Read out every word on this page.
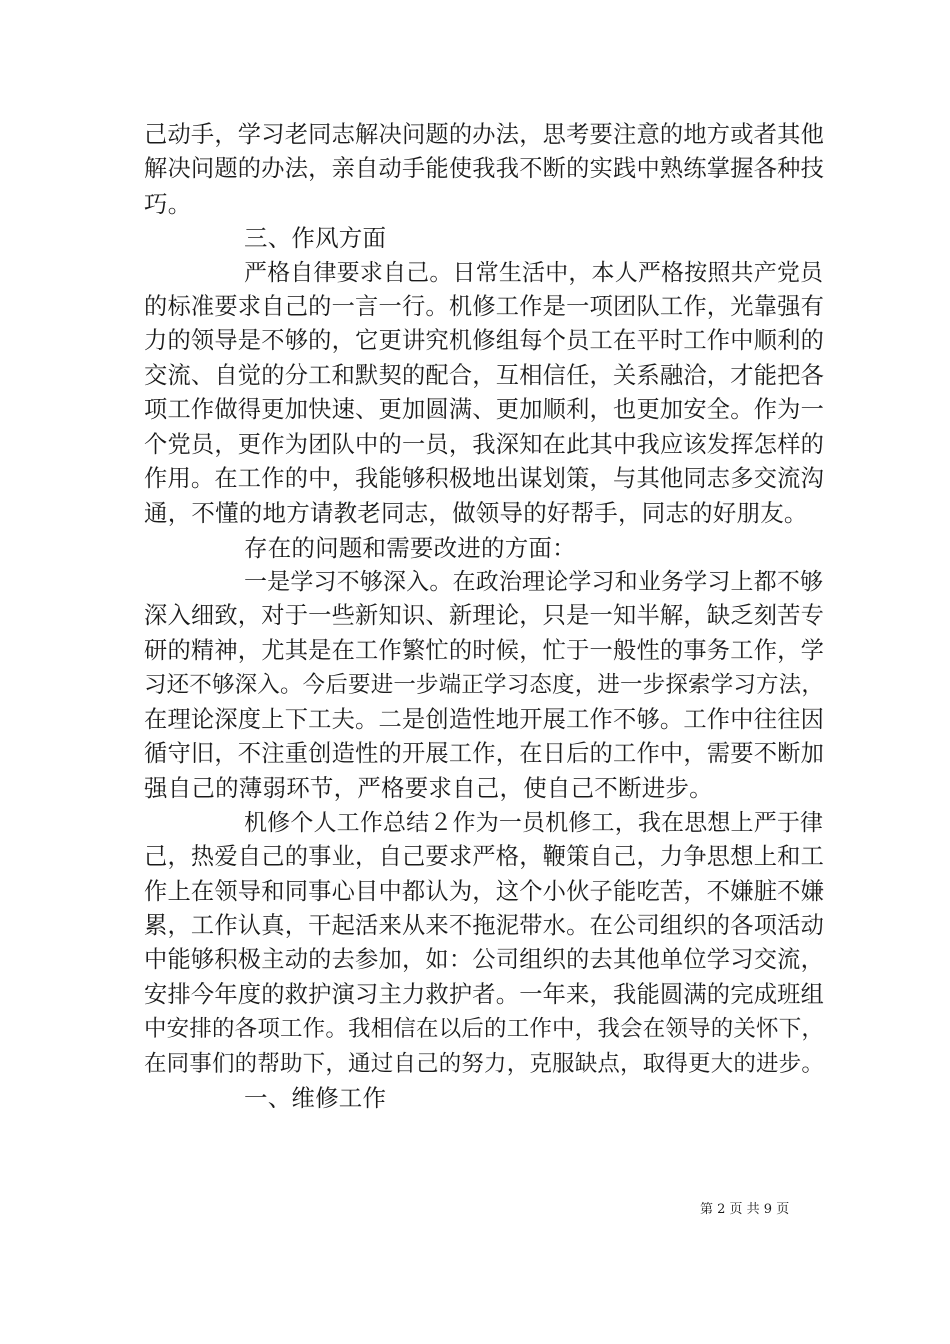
己动手，学习老同志解决问题的办法，思考要注意的地方或者其他
解决问题的办法，亲自动手能使我我不断的实践中熟练掌握各种技
巧。
三、作风方面
严格自律要求自己。日常生活中，本人严格按照共产党员
的标准要求自己的一言一行。机修工作是一项团队工作，光靠强有
力的领导是不够的，它更讲究机修组每个员工在平时工作中顺利的
交流、自觉的分工和默契的配合，互相信任，关系融洽，才能把各
项工作做得更加快速、更加圆满、更加顺利，也更加安全。作为一
个党员，更作为团队中的一员，我深知在此其中我应该发挥怎样的
作用。在工作的中，我能够积极地出谋划策，与其他同志多交流沟
通，不懂的地方请教老同志，做领导的好帮手，同志的好朋友。
存在的问题和需要改进的方面：
一是学习不够深入。在政治理论学习和业务学习上都不够
深入细致，对于一些新知识、新理论，只是一知半解，缺乏刻苦专
研的精神，尤其是在工作繁忙的时候，忙于一般性的事务工作，学
习还不够深入。今后要进一步端正学习态度，进一步探索学习方法，
在理论深度上下工夫。二是创造性地开展工作不够。工作中往往因
循守旧，不注重创造性的开展工作，在日后的工作中，需要不断加
强自己的薄弱环节，严格要求自己，使自己不断进步。
机修个人工作总结２作为一员机修工，我在思想上严于律
己，热爱自己的事业，自己要求严格，鞭策自己，力争思想上和工
作上在领导和同事心目中都认为，这个小伙子能吃苦，不嫌脏不嫌
累，工作认真，干起活来从来不拖泥带水。在公司组织的各项活动
中能够积极主动的去参加，如：公司组织的去其他单位学习交流，
安排今年度的救护演习主力救护者。一年来，我能圆满的完成班组
中安排的各项工作。我相信在以后的工作中，我会在领导的关怀下，
在同事们的帮助下，通过自己的努力，克服缺点，取得更大的进步。
一、维修工作
第 2 页 共 9 页
